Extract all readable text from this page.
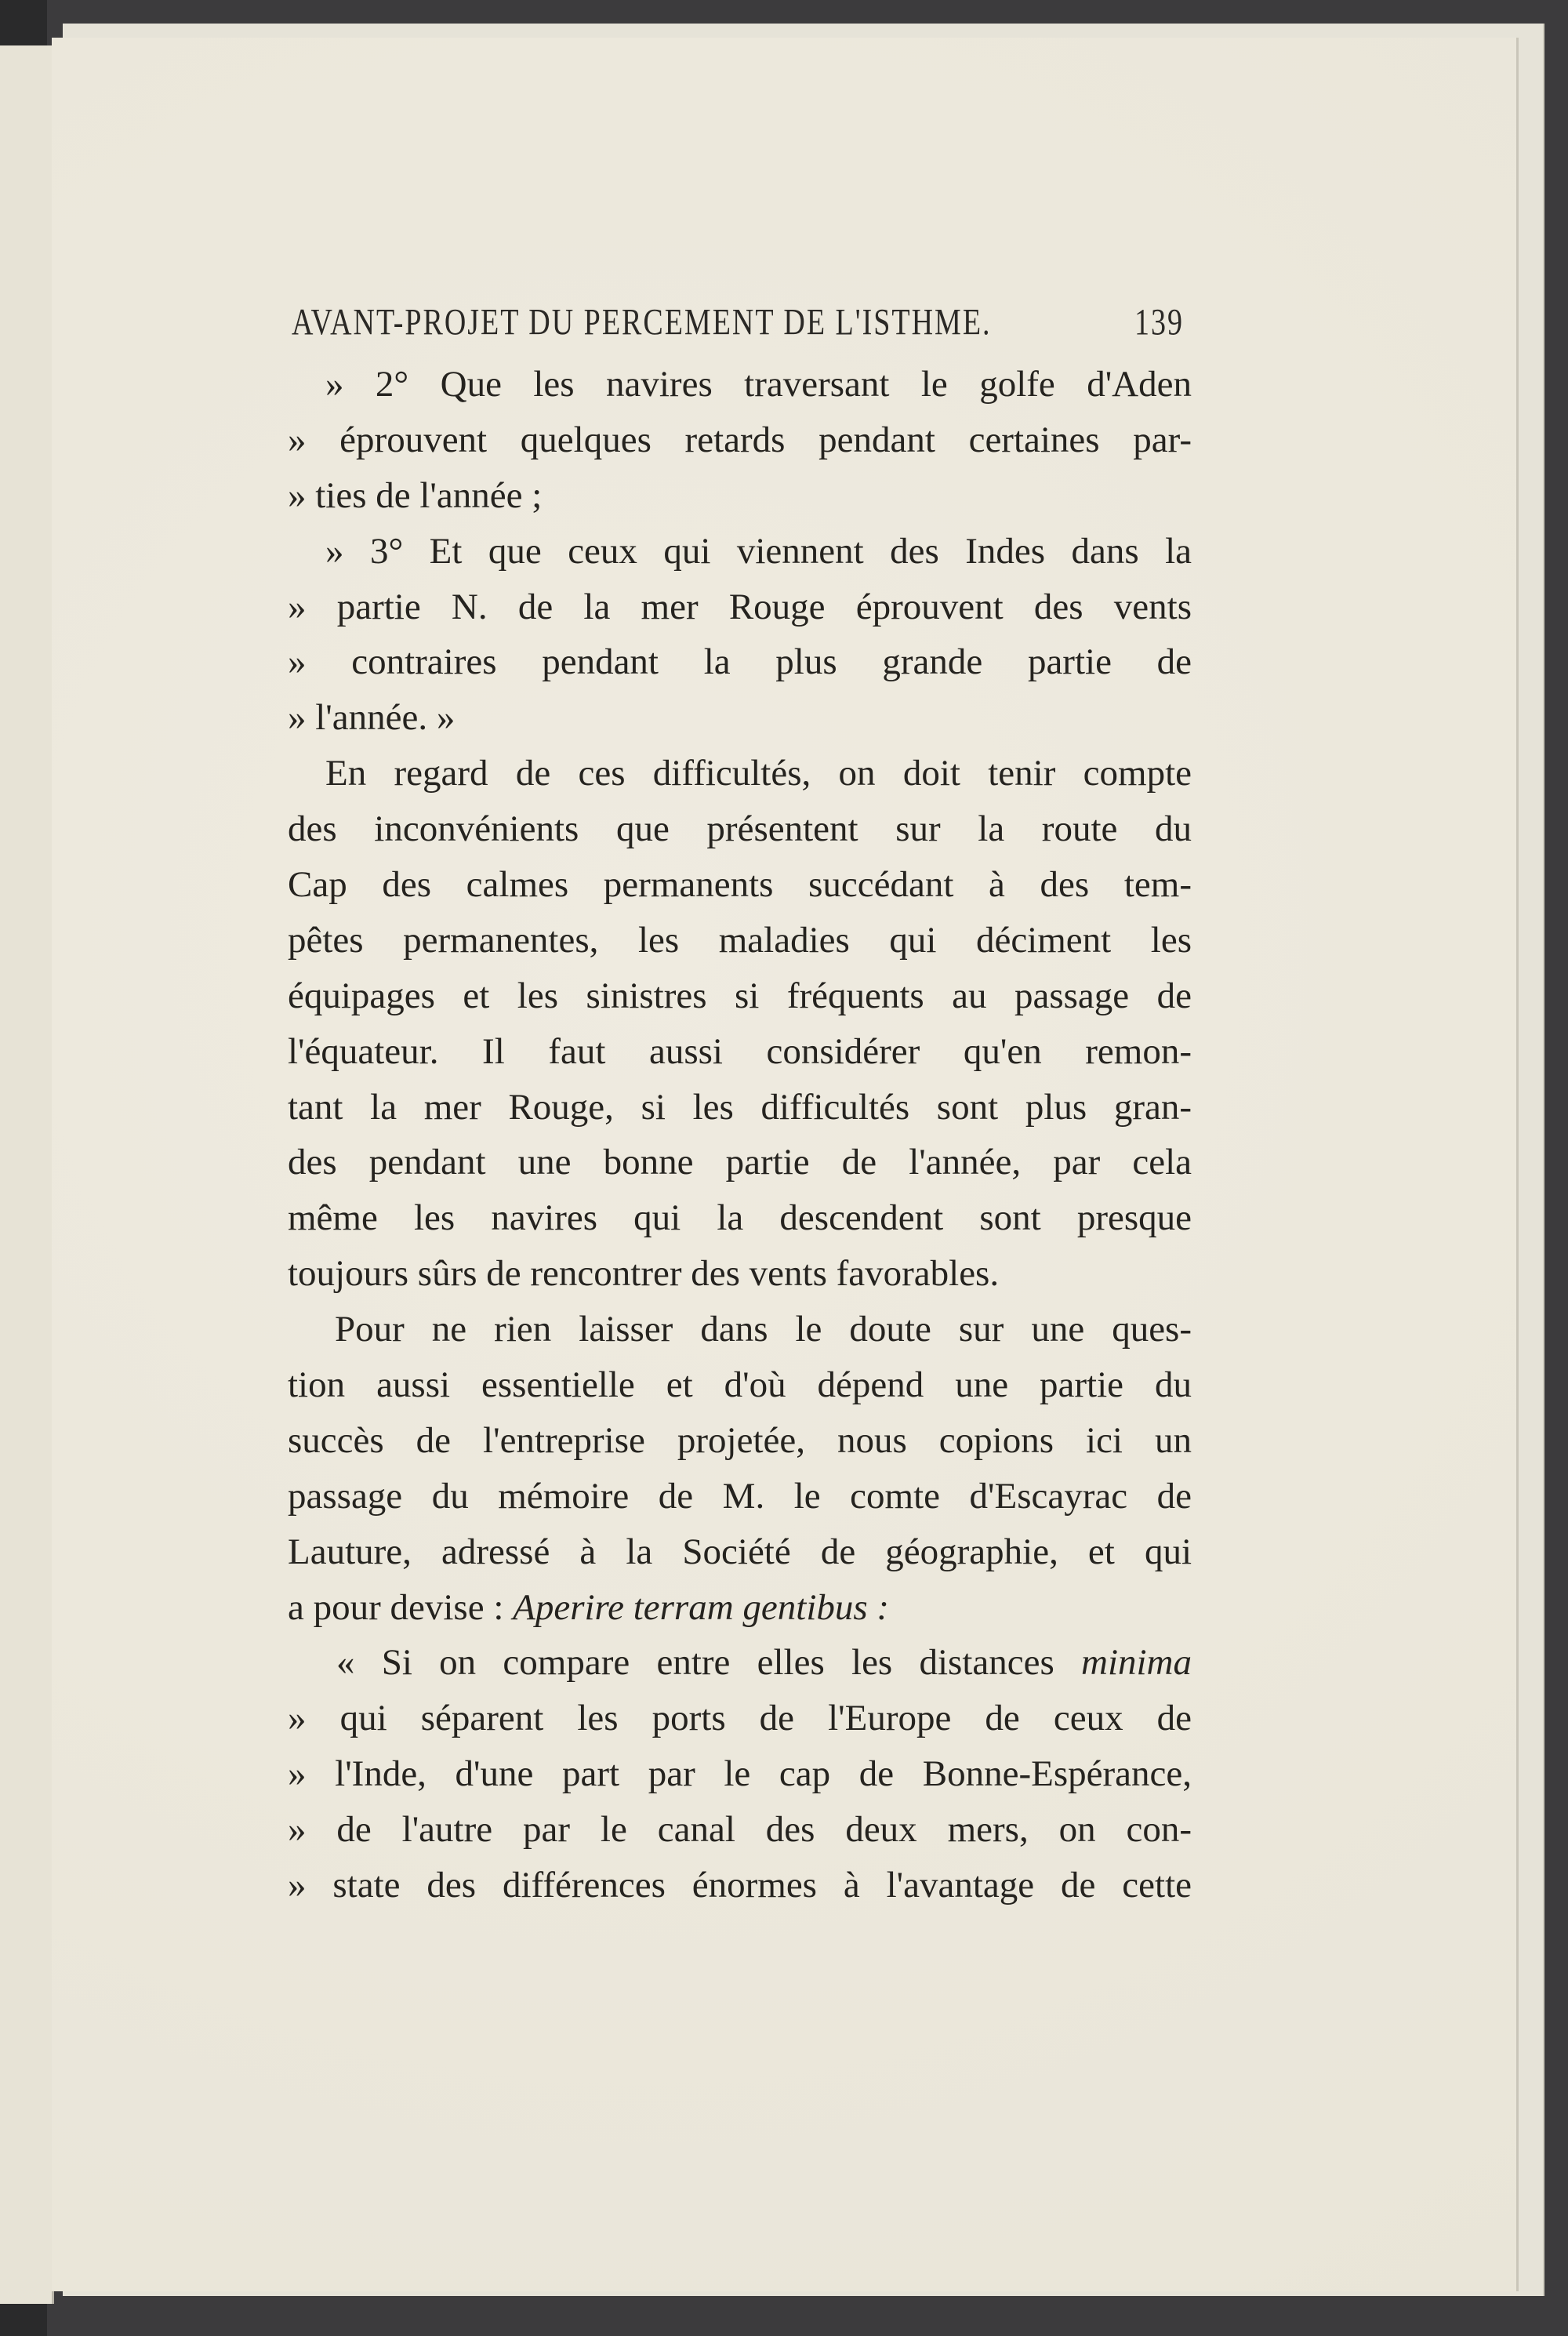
AVANT-PROJET DU PERCEMENT DE L'ISTHME.	139
» 2° Que les navires traversant le golfe d'Aden
» éprouvent quelques retards pendant certaines par-
» ties de l'année ;
» 3° Et que ceux qui viennent des Indes dans la
» partie N. de la mer Rouge éprouvent des vents
» contraires pendant la plus grande partie de
» l'année. »
En regard de ces difficultés, on doit tenir compte
des inconvénients que présentent sur la route du
Cap des calmes permanents succédant à des tem-
pêtes permanentes, les maladies qui déciment les
équipages et les sinistres si fréquents au passage de
l'équateur. Il faut aussi considérer qu'en remon-
tant la mer Rouge, si les difficultés sont plus gran-
des pendant une bonne partie de l'année, par cela
même les navires qui la descendent sont presque
toujours sûrs de rencontrer des vents favorables.
Pour ne rien laisser dans le doute sur une ques-
tion aussi essentielle et d'où dépend une partie du
succès de l'entreprise projetée, nous copions ici un
passage du mémoire de M. le comte d'Escayrac de
Lauture, adressé à la Société de géographie, et qui
a pour devise : Aperire terram gentibus :
« Si on compare entre elles les distances minima
» qui séparent les ports de l'Europe de ceux de
» l'Inde, d'une part par le cap de Bonne-Espérance,
» de l'autre par le canal des deux mers, on con-
» state des différences énormes à l'avantage de cette
